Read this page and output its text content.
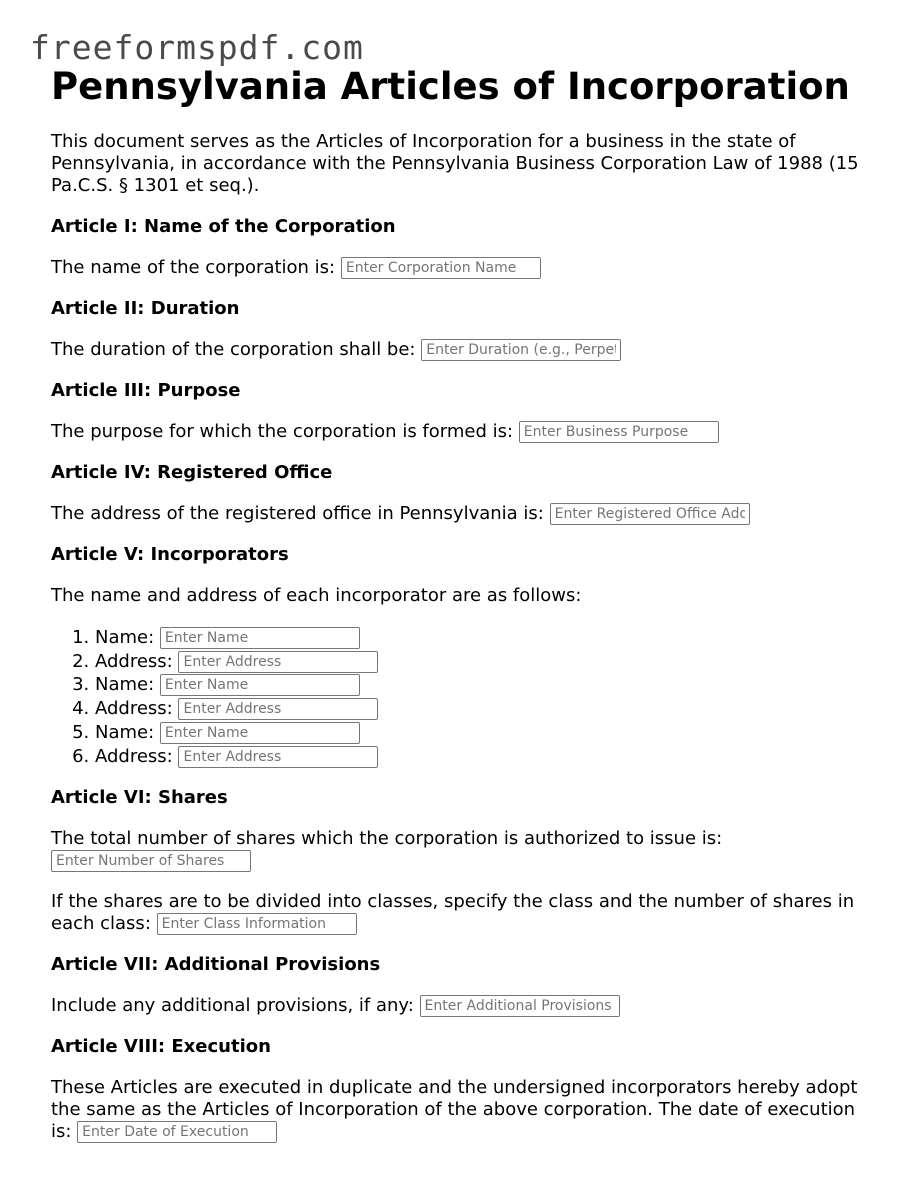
freeformspdf.com
Pennsylvania Articles of Incorporation

This document serves as the Articles of Incorporation for a business in the state of Pennsylvania, in accordance with the Pennsylvania Business Corporation Law of 1988 (15 Pa.C.S. § 1301 et seq.).

Article I: Name of the Corporation

The name of the corporation is: Enter Corporation Name

Article II: Duration

The duration of the corporation shall be: Enter Duration (e.g., Perpetual)

Article III: Purpose

The purpose for which the corporation is formed is: Enter Business Purpose

Article IV: Registered Office

The address of the registered office in Pennsylvania is: Enter Registered Office Address

Article V: Incorporators

The name and address of each incorporator are as follows:

1. Name: Enter Name
2. Address: Enter Address
3. Name: Enter Name
4. Address: Enter Address
5. Name: Enter Name
6. Address: Enter Address
Article VI: Shares

The total number of shares which the corporation is authorized to issue is: Enter Number of Shares

If the shares are to be divided into classes, specify the class and the number of shares in each class: Enter Class Information

Article VII: Additional Provisions

Include any additional provisions, if any: Enter Additional Provisions

Article VIII: Execution

These Articles are executed in duplicate and the undersigned incorporators hereby adopt the same as the Articles of Incorporation of the above corporation. The date of execution is: Enter Date of Execution
